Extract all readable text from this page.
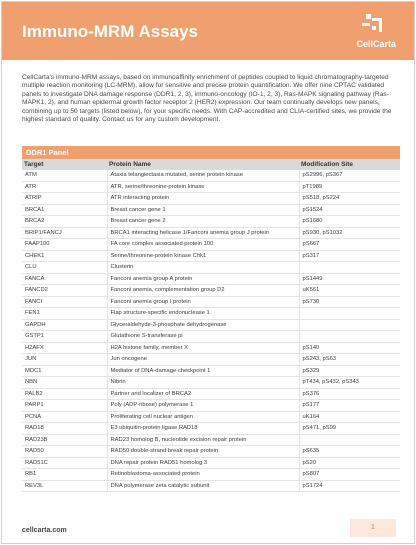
Immuno-MRM Assays
CellCarta

CellCarta's immuno-MRM assays, based on immunoaffinity enrichment of peptides coupled to liquid chromatography-targeted multiple reaction monitoring (LC-MRM), allow for sensitive and precise protein quantification. We offer nine CPTAC validated panels to investigate DNA damage response (DDR1, 2, 3), immuno-oncology (IO-1, 2, 3), Ras-MAPK signaling pathway (Ras-MAPK1, 2), and human epidermal growth factor receptor 2 (HER2) expression. Our team continually develops new panels, combining up to 50 targets (listed below), for your specific needs. With CAP-accredited and CLIA-certified sites, we provide the highest standard of quality. Contact us for any custom development.

DDR1 Panel
Target	Protein Name	Modification Site
ATM	Ataxia telangiectasia mutated, serine protein kinase	pS2996, pS367
ATR	ATR, serine/threonine-protein kinase	pT1989
ATRIP	ATR interacting protein	pS518, pS224
BRCA1	Breast cancer gene 1	pS1524
BRCA2	Breast cancer gene 2	pS1680
BRIP1/FANCJ	BRCA1 interacting helicase 1/Fanconi anemia group J protein	pS930, pS1032
FAAP100	FA core complex associated protein 100	pS667
CHEK1	Serine/threonine-protein kinase Chk1	pS317
CLU	Clusterin	
FANCA	Fanconi anemia group A protein	pS1449
FANCD2	Fanconi anemia, complementation group D2	uK561
FANCI	Fanconi anemia group I protein	pS730
FEN1	Flap structure-specific endonuclease 1	
GAPDH	Glyceraldehyde-3-phosphate dehydrogenase	
GSTP1	Glutathione S-transferase pi	
H2AFX	H2A histone family, member X	pS140
JUN	Jun oncogene	pS243, pS63
MDC1	Mediator of DNA-damage checkpoint 1	pS329
NBN	Nibrin	pT434, pS432, pS343
PALB2	Partner and localizer of BRCA2	pS376
PARP1	Poly (ADP-ribose) polymerase 1	pS177
PCNA	Proliferating cell nuclear antigen	uK164
RAD18	E3 ubiquitin-protein ligase RAD18	pS471, pS99
RAD23B	RAD23 homolog B, nucleotide excision repair protein	
RAD50	RAD50 double-strand break repair protein	pS635
RAD51C	DNA repair protein RAD51 homolog 3	pS20
RB1	Retinoblastoma-associated protein	pS807
REV3L	DNA polymerase zeta catalytic subunit	pS1724
cellcarta.com	1
